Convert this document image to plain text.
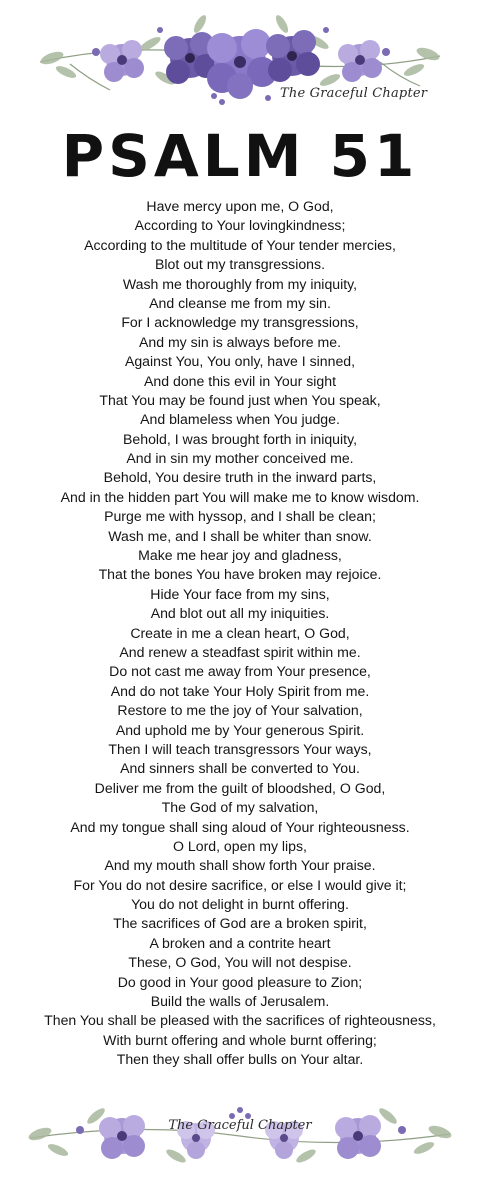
The Graceful Chapter
PSALM 51
Have mercy upon me, O God,
According to Your lovingkindness;
According to the multitude of Your tender mercies,
Blot out my transgressions.
Wash me thoroughly from my iniquity,
And cleanse me from my sin.
For I acknowledge my transgressions,
And my sin is always before me.
Against You, You only, have I sinned,
And done this evil in Your sight
That You may be found just when You speak,
And blameless when You judge.
Behold, I was brought forth in iniquity,
And in sin my mother conceived me.
Behold, You desire truth in the inward parts,
And in the hidden part You will make me to know wisdom.
Purge me with hyssop, and I shall be clean;
Wash me, and I shall be whiter than snow.
Make me hear joy and gladness,
That the bones You have broken may rejoice.
Hide Your face from my sins,
And blot out all my iniquities.
Create in me a clean heart, O God,
And renew a steadfast spirit within me.
Do not cast me away from Your presence,
And do not take Your Holy Spirit from me.
Restore to me the joy of Your salvation,
And uphold me by Your generous Spirit.
Then I will teach transgressors Your ways,
And sinners shall be converted to You.
Deliver me from the guilt of bloodshed, O God,
The God of my salvation,
And my tongue shall sing aloud of Your righteousness.
O Lord, open my lips,
And my mouth shall show forth Your praise.
For You do not desire sacrifice, or else I would give it;
You do not delight in burnt offering.
The sacrifices of God are a broken spirit,
A broken and a contrite heart
These, O God, You will not despise.
Do good in Your good pleasure to Zion;
Build the walls of Jerusalem.
Then You shall be pleased with the sacrifices of righteousness,
With burnt offering and whole burnt offering;
Then they shall offer bulls on Your altar.
The Graceful Chapter
